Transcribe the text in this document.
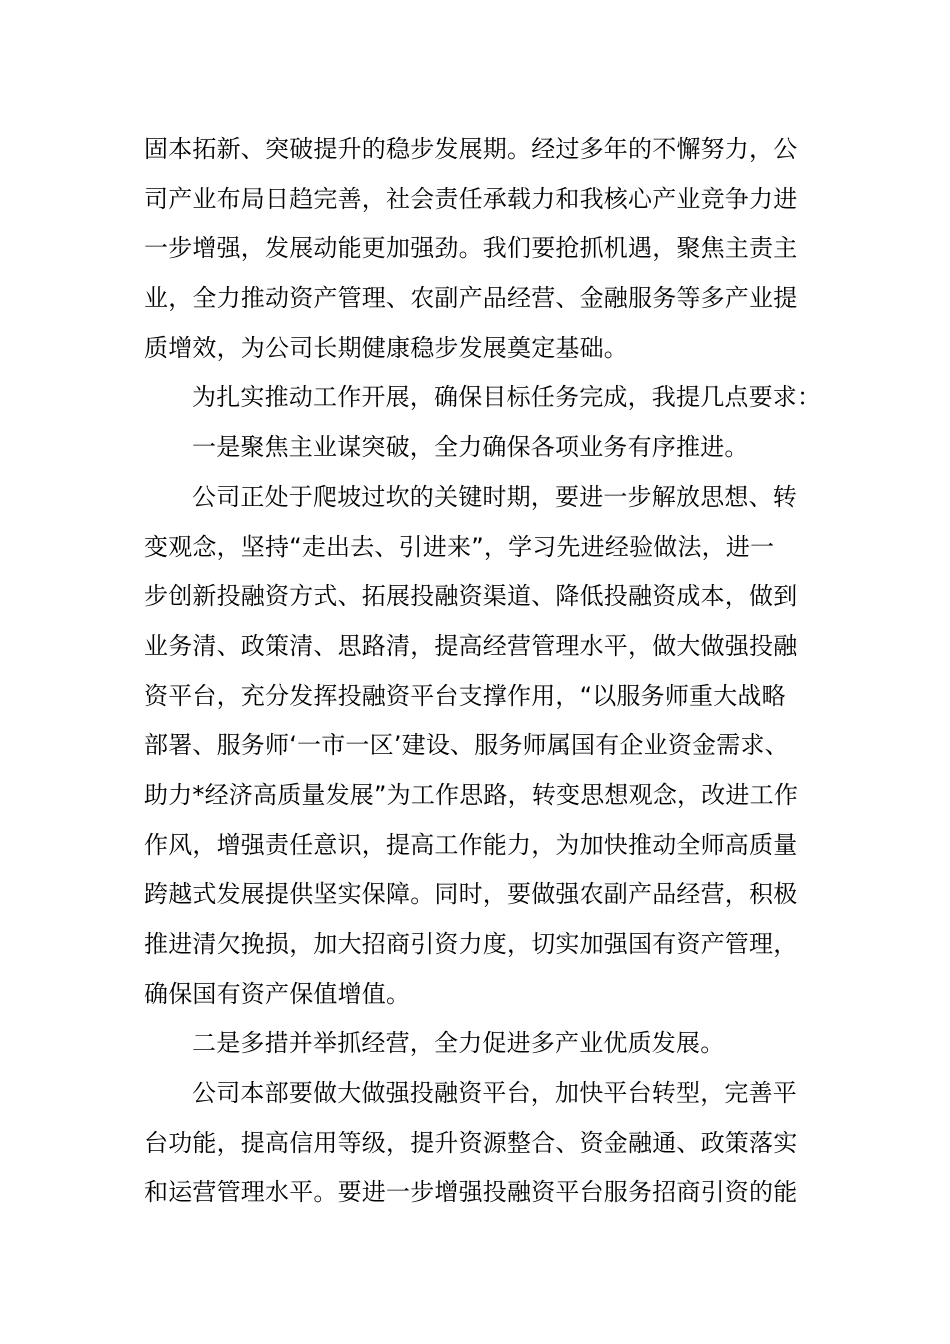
固本拓新、突破提升的稳步发展期。经过多年的不懈努力，公
司产业布局日趋完善，社会责任承载力和我核心产业竞争力进
一步增强，发展动能更加强劲。我们要抢抓机遇，聚焦主责主
业，全力推动资产管理、农副产品经营、金融服务等多产业提
质增效，为公司长期健康稳步发展奠定基础。
为扎实推动工作开展，确保目标任务完成，我提几点要求：
一是聚焦主业谋突破，全力确保各项业务有序推进。
公司正处于爬坡过坎的关键时期，要进一步解放思想、转
变观念，坚持“走出去、引进来”，学习先进经验做法，进一
步创新投融资方式、拓展投融资渠道、降低投融资成本，做到
业务清、政策清、思路清，提高经营管理水平，做大做强投融
资平台，充分发挥投融资平台支撑作用，“以服务师重大战略
部署、服务师‘一市一区’建设、服务师属国有企业资金需求、
助力*经济高质量发展”为工作思路，转变思想观念，改进工作
作风，增强责任意识，提高工作能力，为加快推动全师高质量
跨越式发展提供坚实保障。同时，要做强农副产品经营，积极
推进清欠挽损，加大招商引资力度，切实加强国有资产管理，
确保国有资产保值增值。
二是多措并举抓经营，全力促进多产业优质发展。
公司本部要做大做强投融资平台，加快平台转型，完善平
台功能，提高信用等级，提升资源整合、资金融通、政策落实
和运营管理水平。要进一步增强投融资平台服务招商引资的能
